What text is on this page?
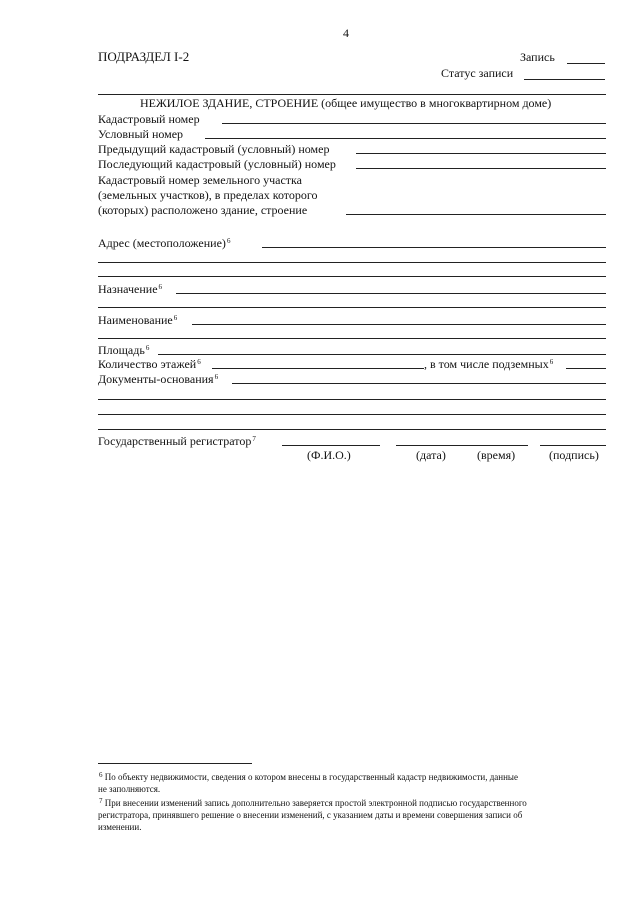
4
ПОДРАЗДЕЛ I-2	Запись
Статус записи
НЕЖИЛОЕ ЗДАНИЕ, СТРОЕНИЕ (общее имущество в многоквартирном доме)
Кадастровый номер
Условный номер
Предыдущий кадастровый (условный) номер
Последующий кадастровый (условный) номер
Кадастровый номер земельного участка
(земельных участков), в пределах которого
(которых) расположено здание, строение
Адрес (местоположение)$^6$
Назначение$^6$
Наименование$^6$
Площадь$^6$
Количество этажей$^6$	, в том числе подземных$^6$
Документы-основания$^6$
Государственный регистратор$^7$
(Ф.И.О.)	(дата)	(время)	(подпись)
$^6$ По объекту недвижимости, сведения о котором внесены в государственный кадастр недвижимости, данные
не заполняются.
$^7$ При внесении изменений запись дополнительно заверяется простой электронной подписью государственного
регистратора, принявшего решение о внесении изменений, с указанием даты и времени совершения записи об
изменении.
